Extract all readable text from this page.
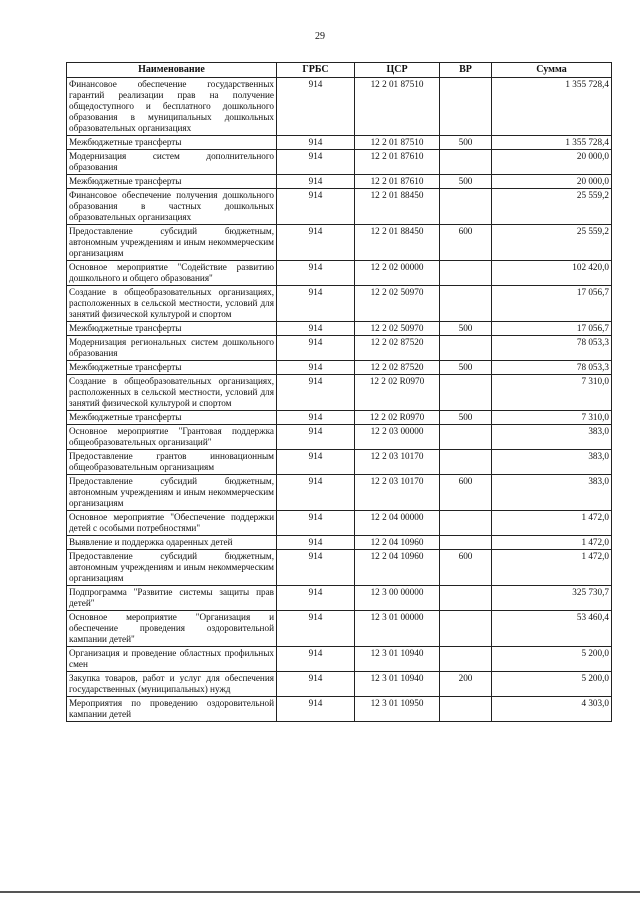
29
Наименование	ГРБС	ЦСР	ВР	Сумма
Финансовое обеспечение государственных гарантий реализации прав на получение общедоступного и бесплатного дошкольного образования в муниципальных дошкольных образовательных организациях	914	12 2 01 87510		1 355 728,4
Межбюджетные трансферты	914	12 2 01 87510	500	1 355 728,4
Модернизация систем дополнительного образования	914	12 2 01 87610		20 000,0
Межбюджетные трансферты	914	12 2 01 87610	500	20 000,0
Финансовое обеспечение получения дошкольного образования в частных дошкольных образовательных организациях	914	12 2 01 88450		25 559,2
Предоставление субсидий бюджетным, автономным учреждениям и иным некоммерческим организациям	914	12 2 01 88450	600	25 559,2
Основное мероприятие "Содействие развитию дошкольного и общего образования"	914	12 2 02 00000		102 420,0
Создание в общеобразовательных организациях, расположенных в сельской местности, условий для занятий физической культурой и спортом	914	12 2 02 50970		17 056,7
Межбюджетные трансферты	914	12 2 02 50970	500	17 056,7
Модернизация региональных систем дошкольного образования	914	12 2 02 87520		78 053,3
Межбюджетные трансферты	914	12 2 02 87520	500	78 053,3
Создание в общеобразовательных организациях, расположенных в сельской местности, условий для занятий физической культурой и спортом	914	12 2 02 R0970		7 310,0
Межбюджетные трансферты	914	12 2 02 R0970	500	7 310,0
Основное мероприятие "Грантовая поддержка общеобразовательных организаций"	914	12 2 03 00000		383,0
Предоставление грантов инновационным общеобразовательным организациям	914	12 2 03 10170		383,0
Предоставление субсидий бюджетным, автономным учреждениям и иным некоммерческим организациям	914	12 2 03 10170	600	383,0
Основное мероприятие "Обеспечение поддержки детей с особыми потребностями"	914	12 2 04 00000		1 472,0
Выявление и поддержка одаренных детей	914	12 2 04 10960		1 472,0
Предоставление субсидий бюджетным, автономным учреждениям и иным некоммерческим организациям	914	12 2 04 10960	600	1 472,0
Подпрограмма "Развитие системы защиты прав детей"	914	12 3 00 00000		325 730,7
Основное мероприятие "Организация и обеспечение проведения оздоровительной кампании детей"	914	12 3 01 00000		53 460,4
Организация и проведение областных профильных смен	914	12 3 01 10940		5 200,0
Закупка товаров, работ и услуг для обеспечения государственных (муниципальных) нужд	914	12 3 01 10940	200	5 200,0
Мероприятия по проведению оздоровительной кампании детей	914	12 3 01 10950		4 303,0
